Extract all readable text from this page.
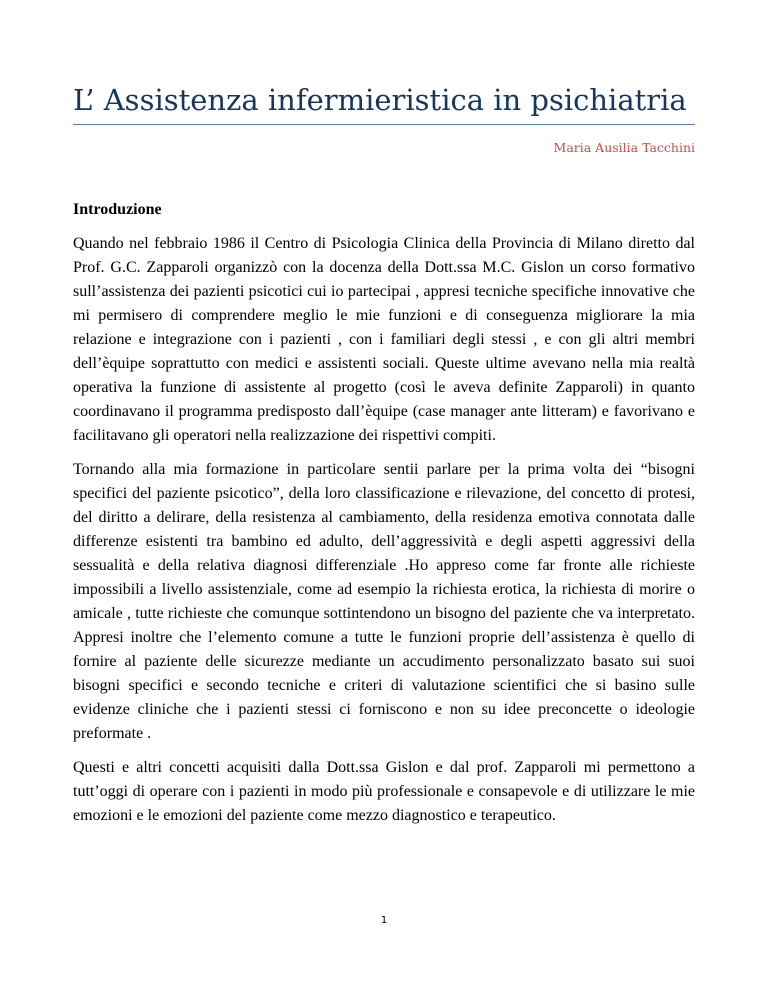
L’ Assistenza infermieristica in psichiatria
Maria Ausilia Tacchini

Introduzione

Quando nel febbraio 1986 il Centro di Psicologia Clinica della Provincia di Milano diretto dal Prof. G.C. Zapparoli organizzò con la docenza della Dott.ssa M.C. Gislon un corso formativo sull’assistenza dei pazienti psicotici cui io partecipai , appresi tecniche specifiche innovative che mi permisero di comprendere meglio le mie funzioni e di conseguenza migliorare la mia relazione e integrazione con i pazienti , con i familiari degli stessi , e con gli altri membri dell’èquipe soprattutto con medici e assistenti sociali. Queste ultime avevano nella mia realtà operativa la funzione di assistente al progetto (così le aveva definite Zapparoli) in quanto coordinavano il programma predisposto dall’èquipe (case manager ante litteram) e favorivano e facilitavano gli operatori nella realizzazione dei rispettivi compiti.

Tornando alla mia formazione in particolare sentii parlare per la prima volta dei “bisogni specifici del paziente psicotico”, della loro classificazione e rilevazione, del concetto di protesi, del diritto a delirare, della resistenza al cambiamento, della residenza emotiva connotata dalle differenze esistenti tra bambino ed adulto, dell’aggressività e degli aspetti aggressivi della sessualità e della relativa diagnosi differenziale .Ho appreso come far fronte alle richieste impossibili a livello assistenziale, come ad esempio la richiesta erotica, la richiesta di morire o amicale , tutte richieste che comunque sottintendono un bisogno del paziente che va interpretato. Appresi inoltre che l’elemento comune a tutte le funzioni proprie dell’assistenza è quello di fornire al paziente delle sicurezze mediante un accudimento personalizzato basato sui suoi bisogni specifici e secondo tecniche e criteri di valutazione scientifici che si basino sulle evidenze cliniche che i pazienti stessi ci forniscono e non su idee preconcette o ideologie preformate .

Questi e altri concetti acquisiti dalla Dott.ssa Gislon e dal prof. Zapparoli mi permettono a tutt’oggi di operare con i pazienti in modo più professionale e consapevole e di utilizzare le mie emozioni e le emozioni del paziente come mezzo diagnostico e terapeutico.

1
